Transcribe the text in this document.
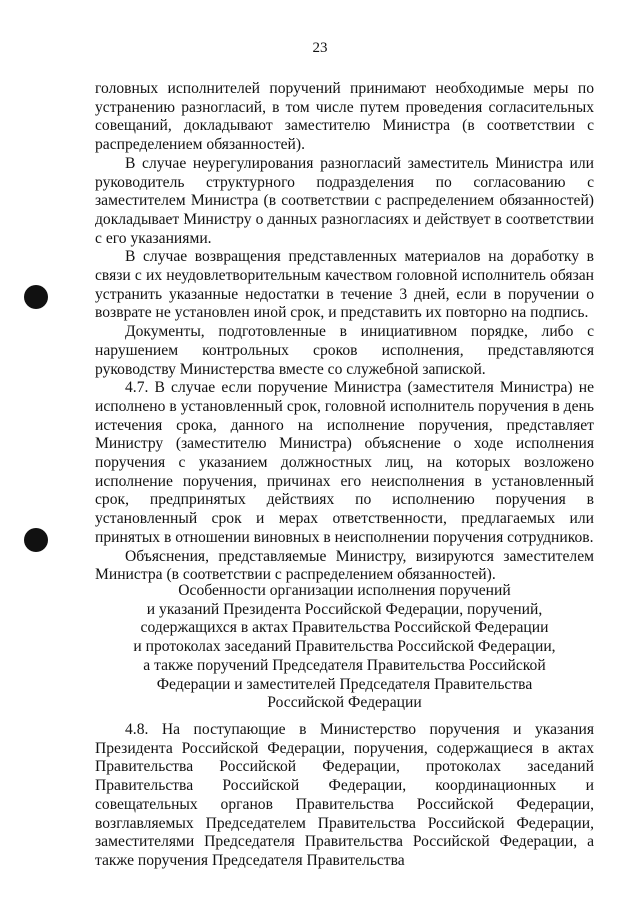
23

головных исполнителей поручений принимают необходимые меры по устранению разногласий, в том числе путем проведения согласительных совещаний, докладывают заместителю Министра (в соответствии с распределением обязанностей).

В случае неурегулирования разногласий заместитель Министра или руководитель структурного подразделения по согласованию с заместителем Министра (в соответствии с распределением обязанностей) докладывает Министру о данных разногласиях и действует в соответствии с его указаниями.

В случае возвращения представленных материалов на доработку в связи с их неудовлетворительным качеством головной исполнитель обязан устранить указанные недостатки в течение 3 дней, если в поручении о возврате не установлен иной срок, и представить их повторно на подпись.

Документы, подготовленные в инициативном порядке, либо с нарушением контрольных сроков исполнения, представляются руководству Министерства вместе со служебной запиской.

4.7. В случае если поручение Министра (заместителя Министра) не исполнено в установленный срок, головной исполнитель поручения в день истечения срока, данного на исполнение поручения, представляет Министру (заместителю Министра) объяснение о ходе исполнения поручения с указанием должностных лиц, на которых возложено исполнение поручения, причинах его неисполнения в установленный срок, предпринятых действиях по исполнению поручения в установленный срок и мерах ответственности, предлагаемых или принятых в отношении виновных в неисполнении поручения сотрудников.

Объяснения, представляемые Министру, визируются заместителем Министра (в соответствии с распределением обязанностей).

Особенности организации исполнения поручений
и указаний Президента Российской Федерации, поручений,
содержащихся в актах Правительства Российской Федерации
и протоколах заседаний Правительства Российской Федерации,
а также поручений Председателя Правительства Российской
Федерации и заместителей Председателя Правительства
Российской Федерации

4.8. На поступающие в Министерство поручения и указания Президента Российской Федерации, поручения, содержащиеся в актах Правительства Российской Федерации, протоколах заседаний Правительства Российской Федерации, координационных и совещательных органов Правительства Российской Федерации, возглавляемых Председателем Правительства Российской Федерации, заместителями Председателя Правительства Российской Федерации, а также поручения Председателя Правительства
